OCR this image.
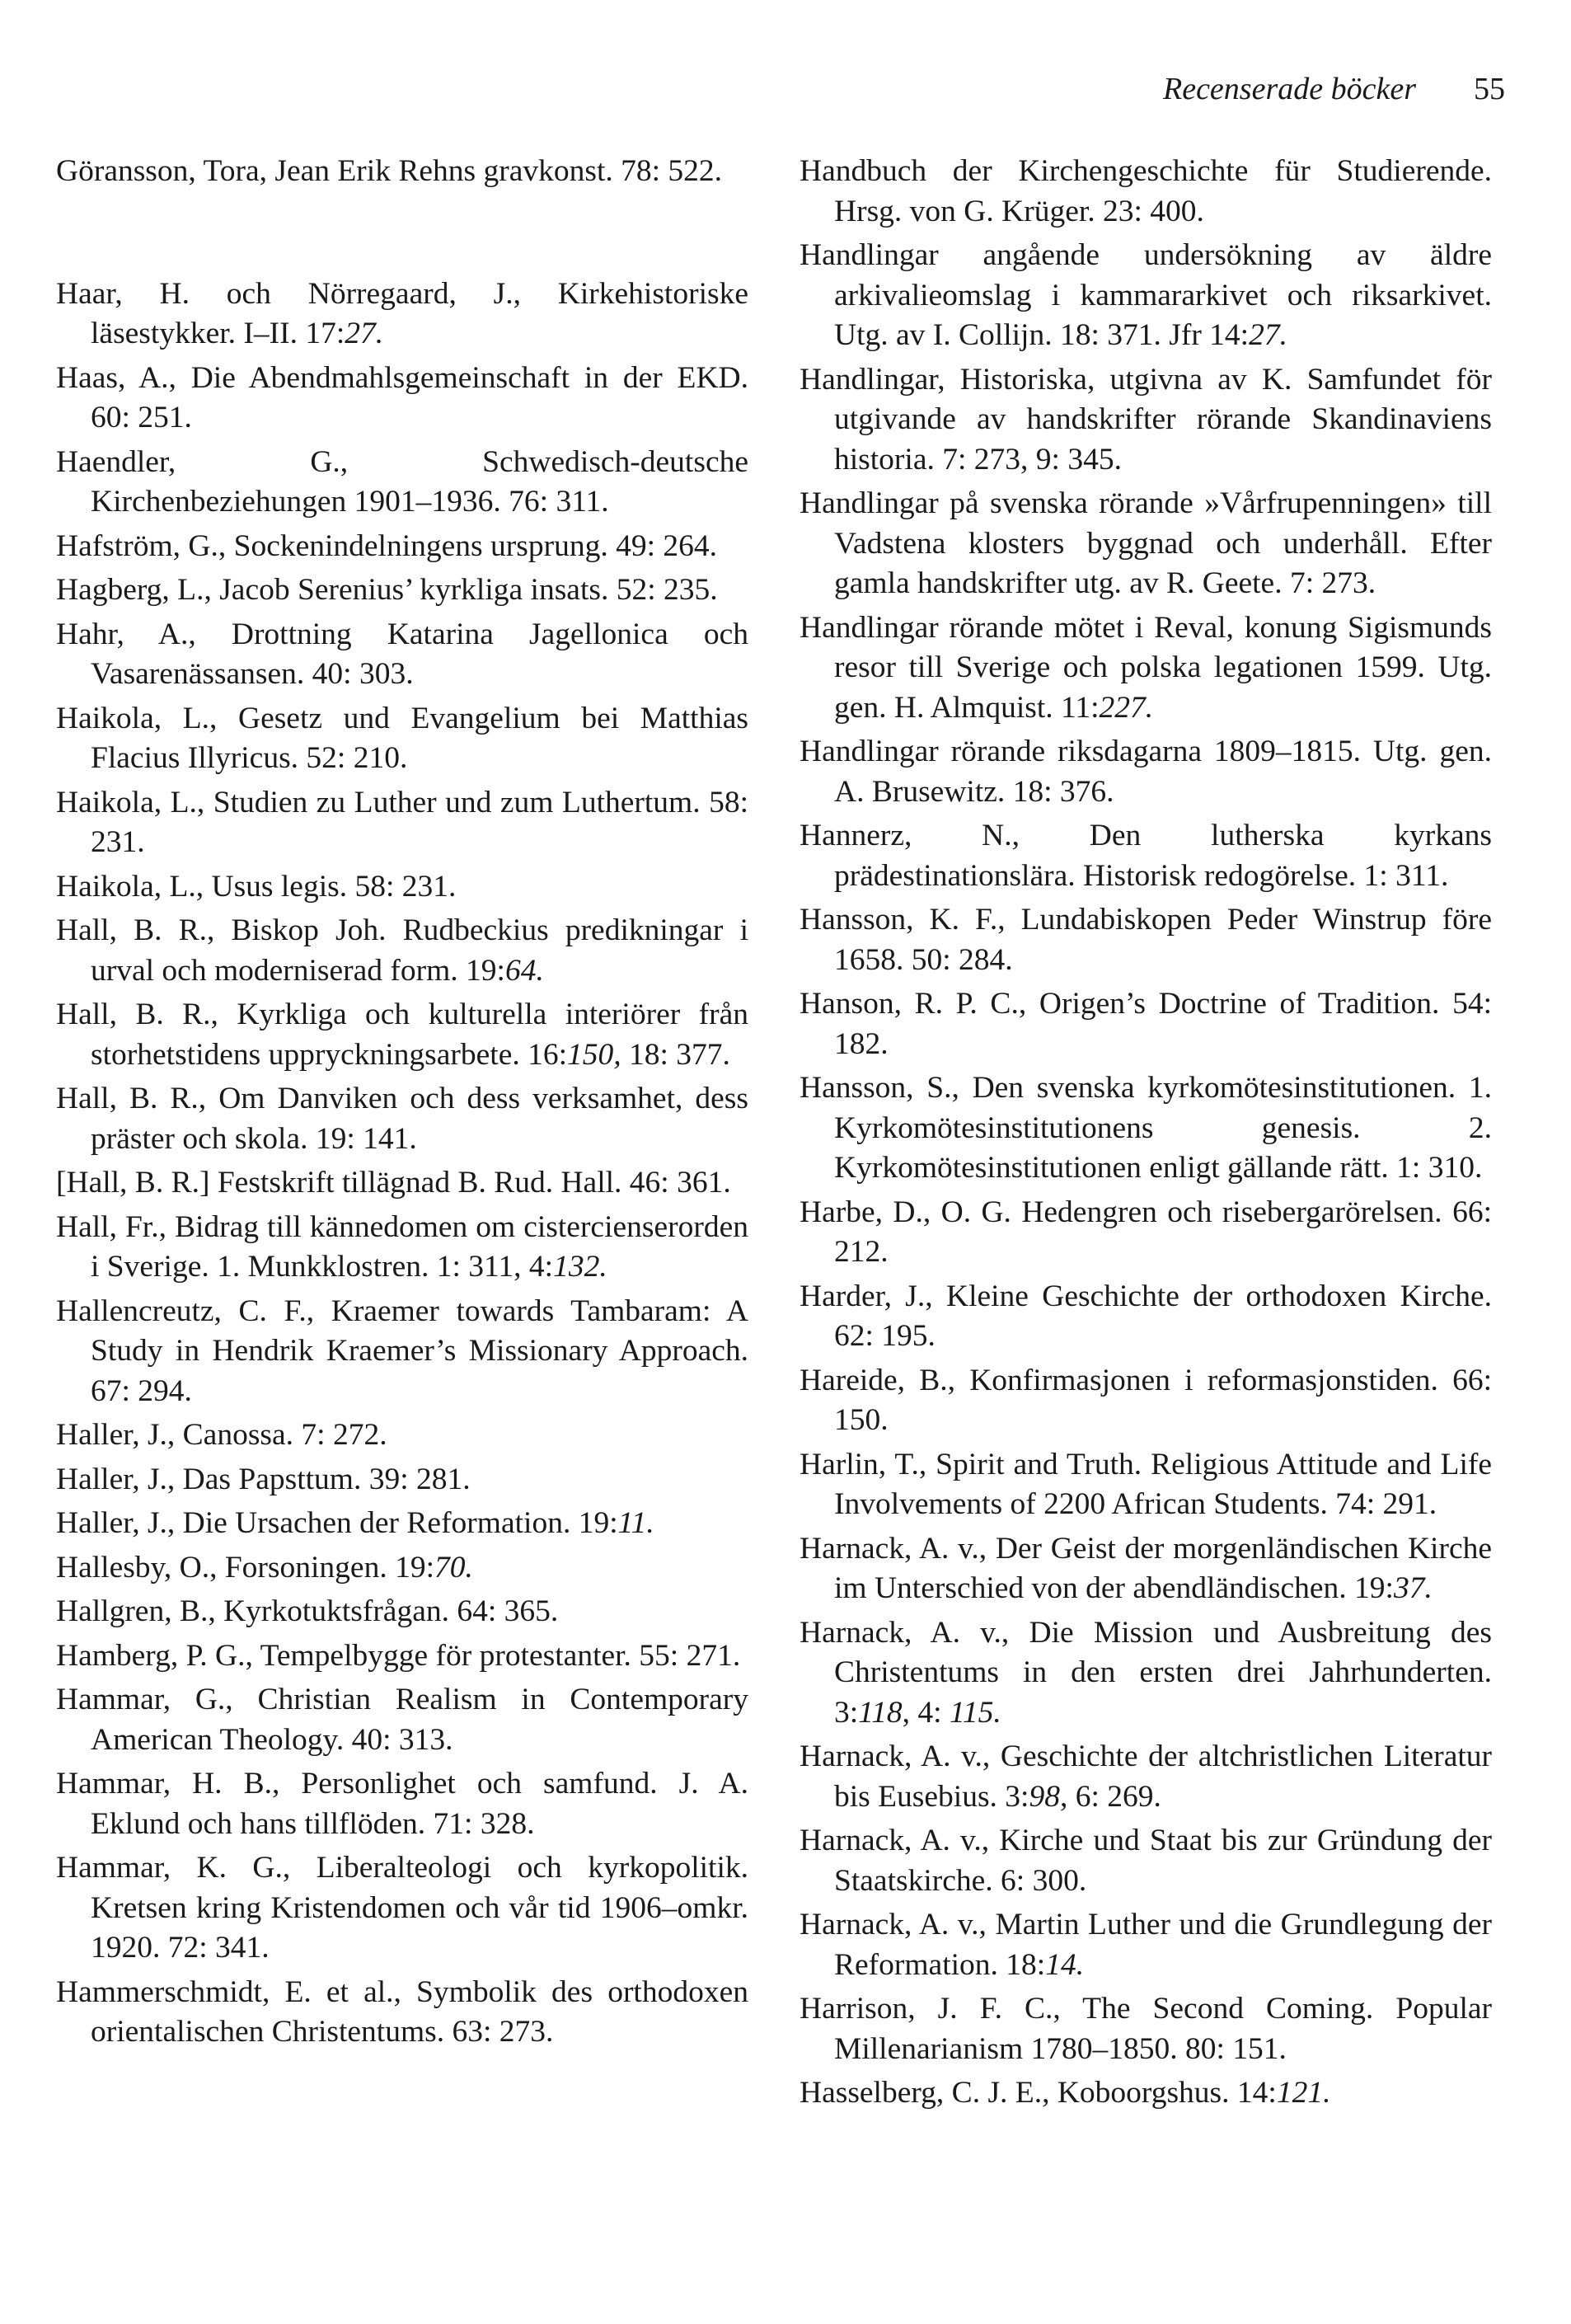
Recenserade böcker 55

Göransson, Tora, Jean Erik Rehns gravkonst. 78: 522.

Haar, H. och Nörregaard, J., Kirkehistoriske läsestykker. I–II. 17:27.

Haas, A., Die Abendmahlsgemeinschaft in der EKD. 60: 251.

Haendler, G., Schwedisch-deutsche Kirchenbeziehungen 1901–1936. 76: 311.

Hafström, G., Sockenindelningens ursprung. 49: 264.

Hagberg, L., Jacob Serenius’ kyrkliga insats. 52: 235.

Hahr, A., Drottning Katarina Jagellonica och Vasarenässansen. 40: 303.

Haikola, L., Gesetz und Evangelium bei Matthias Flacius Illyricus. 52: 210.

Haikola, L., Studien zu Luther und zum Luthertum. 58: 231.

Haikola, L., Usus legis. 58: 231.

Hall, B. R., Biskop Joh. Rudbeckius predikningar i urval och moderniserad form. 19:64.

Hall, B. R., Kyrkliga och kulturella interiörer från storhetstidens uppryckningsarbete. 16:150, 18: 377.

Hall, B. R., Om Danviken och dess verksamhet, dess präster och skola. 19: 141.

[Hall, B. R.] Festskrift tillägnad B. Rud. Hall. 46: 361.

Hall, Fr., Bidrag till kännedomen om cistercienserorden i Sverige. 1. Munkklostren. 1: 311, 4:132.

Hallencreutz, C. F., Kraemer towards Tambaram: A Study in Hendrik Kraemer’s Missionary Approach. 67: 294.

Haller, J., Canossa. 7: 272.

Haller, J., Das Papsttum. 39: 281.

Haller, J., Die Ursachen der Reformation. 19:11.

Hallesby, O., Forsoningen. 19:70.

Hallgren, B., Kyrkotuktsfrågan. 64: 365.

Hamberg, P. G., Tempelbygge för protestanter. 55: 271.

Hammar, G., Christian Realism in Contemporary American Theology. 40: 313.

Hammar, H. B., Personlighet och samfund. J. A. Eklund och hans tillflöden. 71: 328.

Hammar, K. G., Liberalteologi och kyrkopolitik. Kretsen kring Kristendomen och vår tid 1906–omkr. 1920. 72: 341.

Hammerschmidt, E. et al., Symbolik des orthodoxen orientalischen Christentums. 63: 273.

Handbuch der Kirchengeschichte für Studierende. Hrsg. von G. Krüger. 23: 400.

Handlingar angående undersökning av äldre arkivalieomslag i kammararkivet och riksarkivet. Utg. av I. Collijn. 18: 371. Jfr 14:27.

Handlingar, Historiska, utgivna av K. Samfundet för utgivande av handskrifter rörande Skandinaviens historia. 7: 273, 9: 345.

Handlingar på svenska rörande »Vårfrupenningen» till Vadstena klosters byggnad och underhåll. Efter gamla handskrifter utg. av R. Geete. 7: 273.

Handlingar rörande mötet i Reval, konung Sigismunds resor till Sverige och polska legationen 1599. Utg. gen. H. Almquist. 11:227.

Handlingar rörande riksdagarna 1809–1815. Utg. gen. A. Brusewitz. 18: 376.

Hannerz, N., Den lutherska kyrkans prädestinationslära. Historisk redogörelse. 1: 311.

Hansson, K. F., Lundabiskopen Peder Winstrup före 1658. 50: 284.

Hanson, R. P. C., Origen’s Doctrine of Tradition. 54: 182.

Hansson, S., Den svenska kyrkomötesinstitutionen. 1. Kyrkomötesinstitutionens genesis. 2. Kyrkomötesinstitutionen enligt gällande rätt. 1: 310.

Harbe, D., O. G. Hedengren och risebergarörelsen. 66: 212.

Harder, J., Kleine Geschichte der orthodoxen Kirche. 62: 195.

Hareide, B., Konfirmasjonen i reformasjonstiden. 66: 150.

Harlin, T., Spirit and Truth. Religious Attitude and Life Involvements of 2200 African Students. 74: 291.

Harnack, A. v., Der Geist der morgenländischen Kirche im Unterschied von der abendländischen. 19:37.

Harnack, A. v., Die Mission und Ausbreitung des Christentums in den ersten drei Jahrhunderten. 3:118, 4: 115.

Harnack, A. v., Geschichte der altchristlichen Literatur bis Eusebius. 3:98, 6: 269.

Harnack, A. v., Kirche und Staat bis zur Gründung der Staatskirche. 6: 300.

Harnack, A. v., Martin Luther und die Grundlegung der Reformation. 18:14.

Harrison, J. F. C., The Second Coming. Popular Millenarianism 1780–1850. 80: 151.

Hasselberg, C. J. E., Koboorgshus. 14:121.
